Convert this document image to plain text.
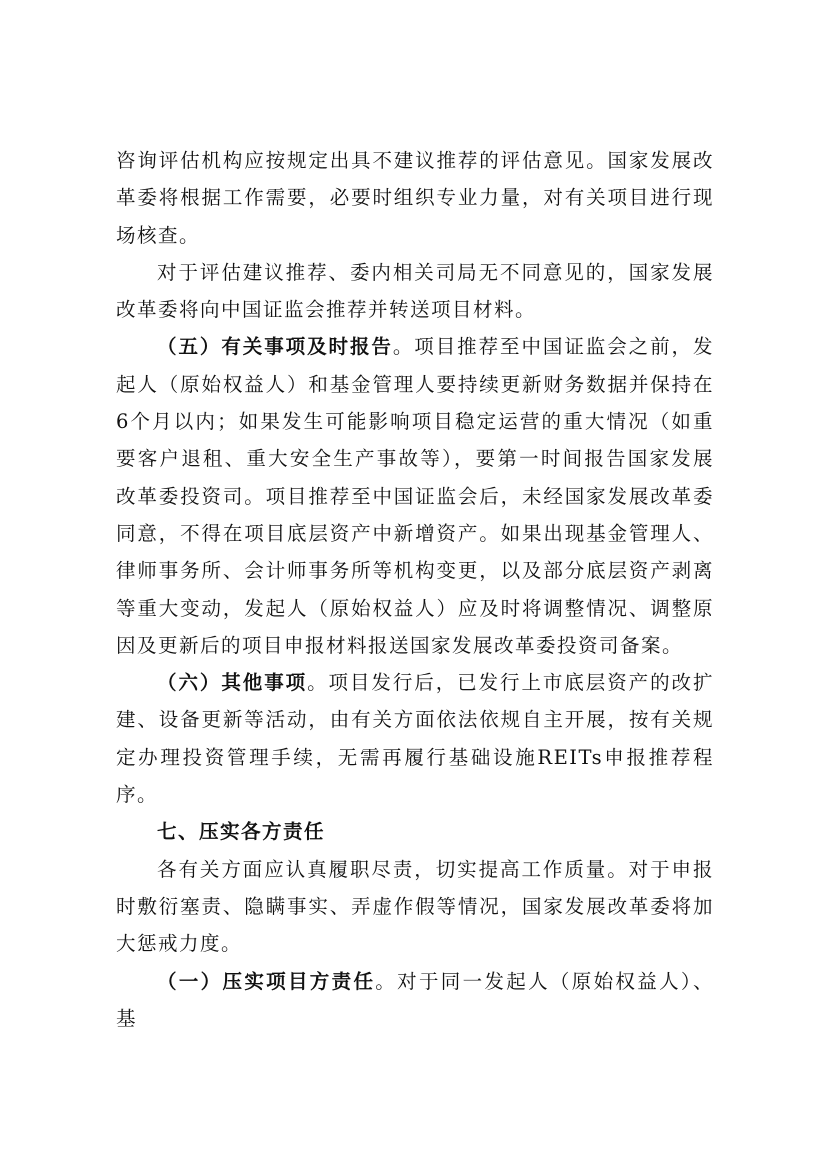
咨询评估机构应按规定出具不建议推荐的评估意见。国家发展改革委将根据工作需要，必要时组织专业力量，对有关项目进行现场核查。

对于评估建议推荐、委内相关司局无不同意见的，国家发展改革委将向中国证监会推荐并转送项目材料。

（五）有关事项及时报告。项目推荐至中国证监会之前，发起人（原始权益人）和基金管理人要持续更新财务数据并保持在6个月以内；如果发生可能影响项目稳定运营的重大情况（如重要客户退租、重大安全生产事故等），要第一时间报告国家发展改革委投资司。项目推荐至中国证监会后，未经国家发展改革委同意，不得在项目底层资产中新增资产。如果出现基金管理人、律师事务所、会计师事务所等机构变更，以及部分底层资产剥离等重大变动，发起人（原始权益人）应及时将调整情况、调整原因及更新后的项目申报材料报送国家发展改革委投资司备案。

（六）其他事项。项目发行后，已发行上市底层资产的改扩建、设备更新等活动，由有关方面依法依规自主开展，按有关规定办理投资管理手续，无需再履行基础设施REITs申报推荐程序。

七、压实各方责任

各有关方面应认真履职尽责，切实提高工作质量。对于申报时敷衍塞责、隐瞒事实、弄虚作假等情况，国家发展改革委将加大惩戒力度。

（一）压实项目方责任。对于同一发起人（原始权益人）、基
